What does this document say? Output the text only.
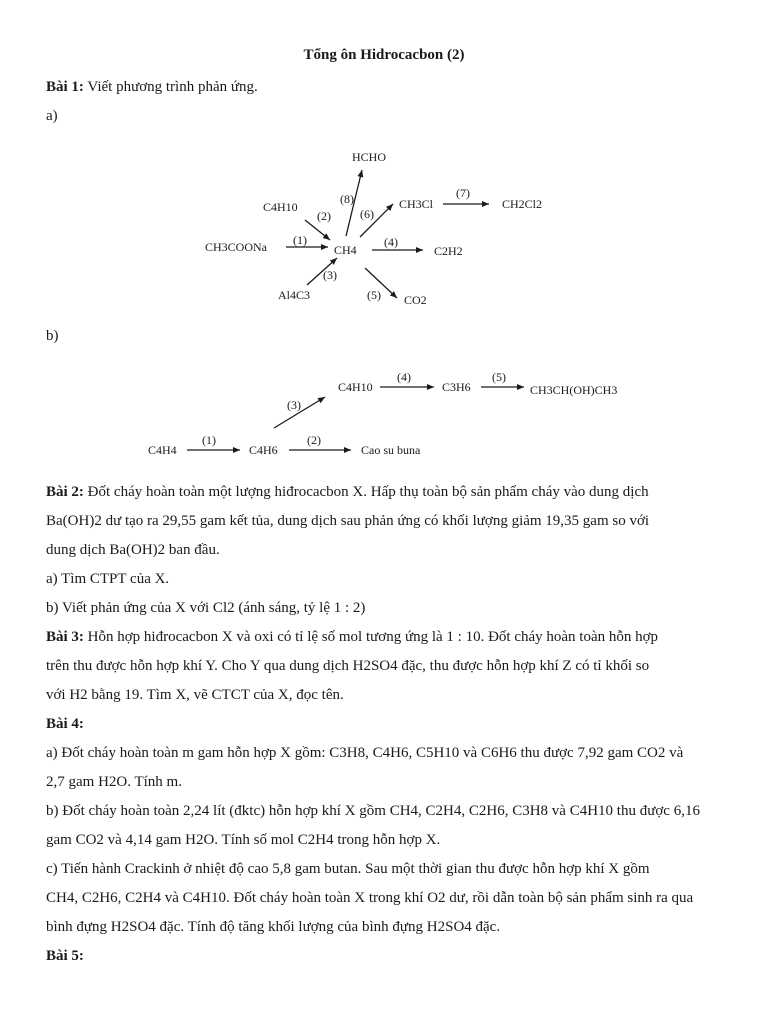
Tổng ôn Hidrocacbon (2)
Bài 1: Viết phương trình phản ứng.
a)
HCHO
C4H10
CH3COONa	CH4
Al4C3
CH3Cl	CH2Cl2
C2H2
CO2
(1)
(2)
(3)
(4)
(5)
(6)
(7)
(8)
b)
C4H4	C4H6	Cao su buna
C4H10	C3H6	CH3CH(OH)CH3
(1)	(2)
(3)
(4)	(5)
Bài 2: Đốt cháy hoàn toàn một lượng hiđrocacbon X. Hấp thụ toàn bộ sản phẩm cháy vào dung dịch
Ba(OH)2 dư tạo ra 29,55 gam kết tủa, dung dịch sau phản ứng có khối lượng giảm 19,35 gam so với
dung dịch Ba(OH)2 ban đầu.
a) Tìm CTPT của X.
b) Viết phản ứng của X với Cl2 (ánh sáng, tỷ lệ 1 : 2)
Bài 3: Hỗn hợp hiđrocacbon X và oxi có tỉ lệ số mol tương ứng là 1 : 10. Đốt cháy hoàn toàn hỗn hợp
trên thu được hỗn hợp khí Y. Cho Y qua dung dịch H2SO4 đặc, thu được hỗn hợp khí Z có tỉ khối so
với H2 bằng 19. Tìm X, vẽ CTCT của X, đọc tên.
Bài 4:
a) Đốt cháy hoàn toàn m gam hỗn hợp X gồm: C3H8, C4H6, C5H10 và C6H6 thu được 7,92 gam CO2 và
2,7 gam H2O. Tính m.
b) Đốt cháy hoàn toàn 2,24 lít (đktc) hỗn hợp khí X gồm CH4, C2H4, C2H6, C3H8 và C4H10 thu được 6,16
gam CO2 và 4,14 gam H2O. Tính số mol C2H4 trong hỗn hợp X.
c) Tiến hành Crackinh ở nhiệt độ cao 5,8 gam butan. Sau một thời gian thu được hỗn hợp khí X gồm
CH4, C2H6, C2H4 và C4H10. Đốt cháy hoàn toàn X trong khí O2 dư, rồi dẫn toàn bộ sản phẩm sinh ra qua
bình đựng H2SO4 đặc. Tính độ tăng khối lượng của bình đựng H2SO4 đặc.
Bài 5:
